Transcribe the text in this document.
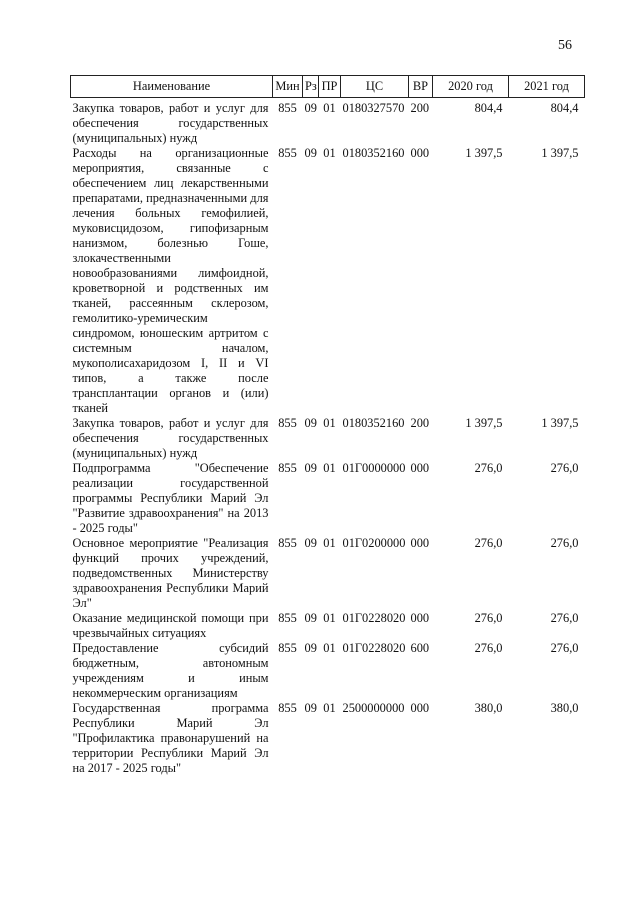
56
Наименование	Мин	Рз	ПР	ЦС	ВР	2020 год	2021 год
Закупка товаров, работ и услуг для обеспечения государственных (муниципальных) нужд	855	09	01	0180327570	200	804,4	804,4
Расходы на организационные мероприятия, связанные с обеспечением лиц лекарственными препаратами, предназначенными для лечения больных гемофилией, муковисцидозом, гипофизарным нанизмом, болезнью Гоше, злокачественными новообразованиями лимфоидной, кроветворной и родственных им тканей, рассеянным склерозом, гемолитико-уремическим синдромом, юношеским артритом с системным началом, мукополисахаридозом I, II и VI типов, а также после трансплантации органов и (или) тканей	855	09	01	0180352160	000	1 397,5	1 397,5
Закупка товаров, работ и услуг для обеспечения государственных (муниципальных) нужд	855	09	01	0180352160	200	1 397,5	1 397,5
Подпрограмма "Обеспечение реализации государственной программы Республики Марий Эл "Развитие здравоохранения" на 2013 - 2025 годы"	855	09	01	01Г0000000	000	276,0	276,0
Основное мероприятие "Реализация функций прочих учреждений, подведомственных Министерству здравоохранения Республики Марий Эл"	855	09	01	01Г0200000	000	276,0	276,0
Оказание медицинской помощи при чрезвычайных ситуациях	855	09	01	01Г0228020	000	276,0	276,0
Предоставление субсидий бюджетным, автономным учреждениям и иным некоммерческим организациям	855	09	01	01Г0228020	600	276,0	276,0
Государственная программа Республики Марий Эл "Профилактика правонарушений на территории Республики Марий Эл на 2017 - 2025 годы"	855	09	01	2500000000	000	380,0	380,0
